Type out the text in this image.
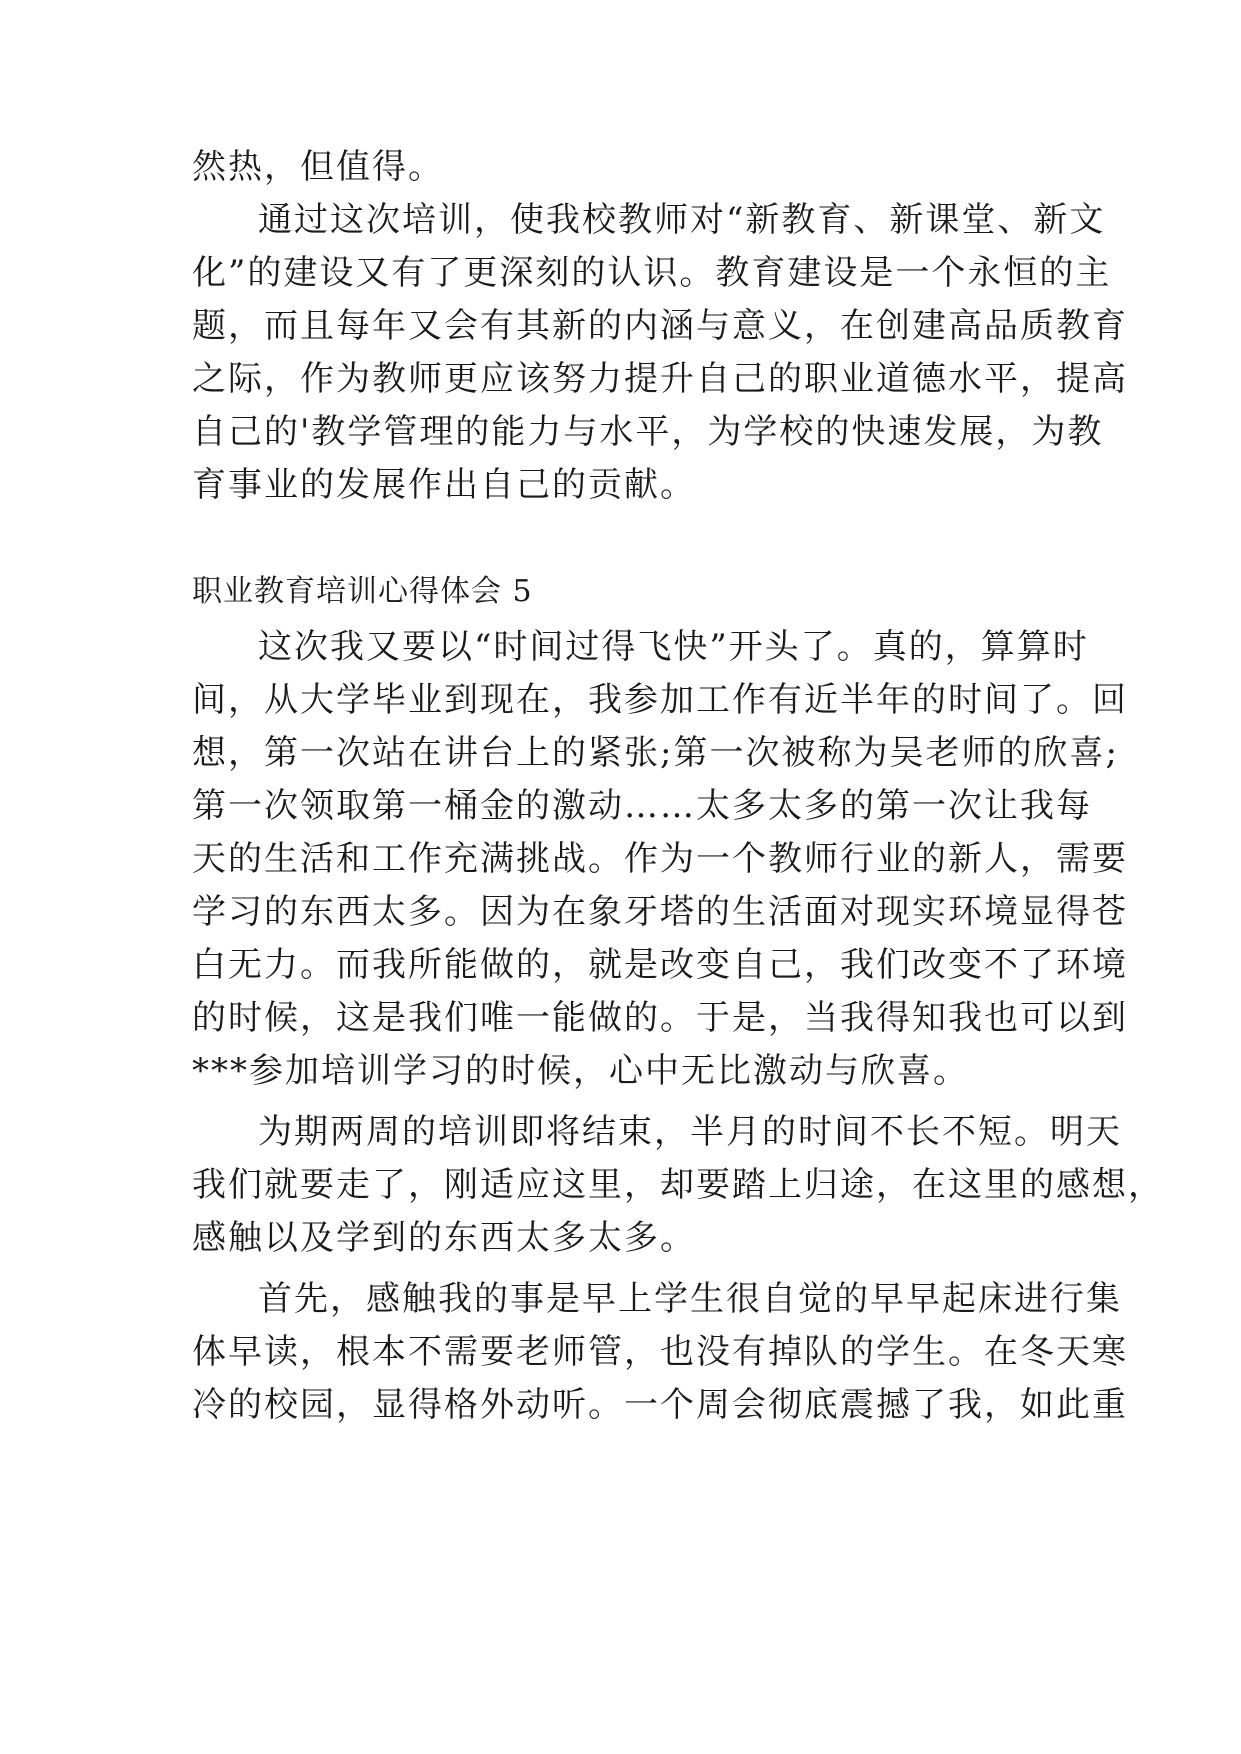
然热，但值得。
通过这次培训，使我校教师对“新教育、新课堂、新文
化”的建设又有了更深刻的认识。教育建设是一个永恒的主
题，而且每年又会有其新的内涵与意义，在创建高品质教育
之际，作为教师更应该努力提升自己的职业道德水平，提高
自己的'教学管理的能力与水平，为学校的快速发展，为教
育事业的发展作出自己的贡献。
职业教育培训心得体会 5
这次我又要以“时间过得飞快”开头了。真的，算算时
间，从大学毕业到现在，我参加工作有近半年的时间了。回
想，第一次站在讲台上的紧张;第一次被称为吴老师的欣喜;
第一次领取第一桶金的激动……太多太多的第一次让我每
天的生活和工作充满挑战。作为一个教师行业的新人，需要
学习的东西太多。因为在象牙塔的生活面对现实环境显得苍
白无力。而我所能做的，就是改变自己，我们改变不了环境
的时候，这是我们唯一能做的。于是，当我得知我也可以到
***参加培训学习的时候，心中无比激动与欣喜。
为期两周的培训即将结束，半月的时间不长不短。明天
我们就要走了，刚适应这里，却要踏上归途，在这里的感想，
感触以及学到的东西太多太多。
首先，感触我的事是早上学生很自觉的早早起床进行集
体早读，根本不需要老师管，也没有掉队的学生。在冬天寒
冷的校园，显得格外动听。一个周会彻底震撼了我，如此重
